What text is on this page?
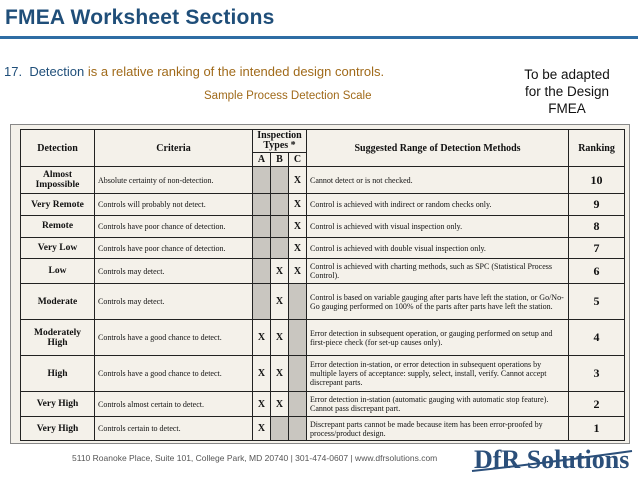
FMEA Worksheet Sections
17. Detection is a relative ranking of the intended design controls.
Sample Process Detection Scale
To be adapted
for the Design
FMEA
Detection	Criteria	Inspection
Types *			Suggested Range of Detection Methods	Ranking
		A	B	C		

Almost
Impossible	Absolute certainty of non-detection.			X	Cannot detect or is not checked.	10

Very Remote	Controls will probably not detect.			X	Control is achieved with indirect or random checks only.	9

Remote	Controls have poor chance of detection.			X	Control is achieved with visual inspection only.	8

Very Low	Controls have poor chance of detection.			X	Control is achieved with double visual inspection only.	7

Low	Controls may detect.		X	X	Control is achieved with charting methods, such as SPC (Statistical Process Control).	6

Moderate	Controls may detect.		X		Control is based on variable gauging after parts have left the station, or Go/No-Go gauging performed on 100% of the parts after parts have left the station.	5

Moderately
High	Controls have a good chance to detect.	X	X		Error detection in subsequent operation, or gauging performed on setup and first-piece check (for set-up causes only).	4

High	Controls have a good chance to detect.	X	X		Error detection in-station, or error detection in subsequent operations by multiple layers of acceptance: supply, select, install, verify. Cannot accept discrepant parts.	3

Very High	Controls almost certain to detect.	X	X		Error detection in-station (automatic gauging with automatic stop feature). Cannot pass discrepant part.	2

Very High	Controls certain to detect.	X			Discrepant parts cannot be made because item has been error-proofed by process/product design.	1
5110 Roanoke Place, Suite 101, College Park, MD 20740 | 301-474-0607 | www.dfrsolutions.com DfR Solutions
